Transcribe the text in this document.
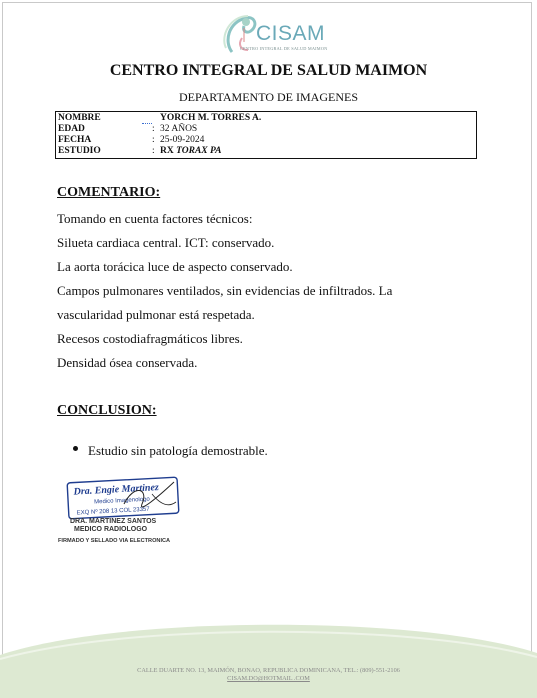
CISAM
CENTRO INTEGRAL DE SALUD MAIMON
CENTRO INTEGRAL DE SALUD MAIMON
DEPARTAMENTO DE IMAGENES
NOMBRE	YORCH M. TORRES A.
EDAD	: 32 AÑOS
FECHA	: 25-09-2024
ESTUDIO	: RX TORAX PA
COMENTARIO:
Tomando en cuenta factores técnicos:
Silueta cardiaca central. ICT: conservado.
La aorta torácica luce de aspecto conservado.
Campos pulmonares ventilados, sin evidencias de infiltrados. La
vascularidad pulmonar está respetada.
Recesos costodiafragmáticos libres.
Densidad ósea conservada.
CONCLUSION:
Estudio sin patología demostrable.
Dra. Engie Martinez
Medico Imagenologo
EXQ Nº 208 13 COL 23357
DRA. MARTINEZ SANTOS
MEDICO RADIOLOGO
FIRMADO Y SELLADO VIA ELECTRONICA
CALLE DUARTE NO. 13, MAIMÓN, BONAO, REPUBLICA DOMINICANA, TEL.: (809)-551-2106
CISAM.DO@HOTMAIL .COM
